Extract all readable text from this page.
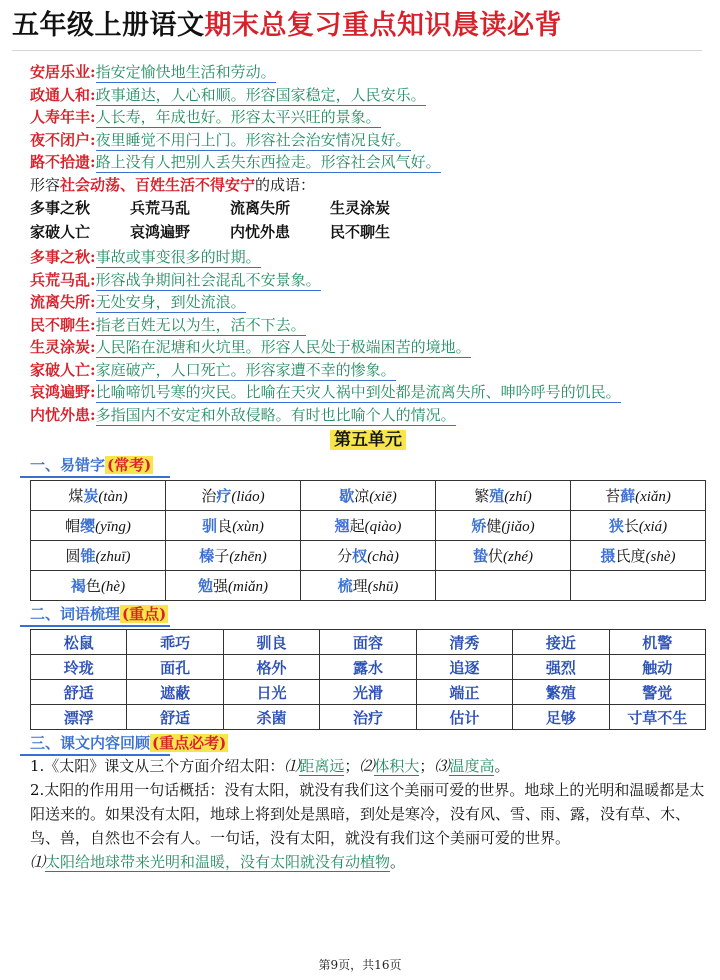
五年级上册语文期末总复习重点知识晨读必背
安居乐业 : 指安定愉快地生活和劳动。
政通人和 : 政事通达，人心和顺。形容国家稳定，人民安乐。
人寿年丰 : 人长寿，年成也好。形容太平兴旺的景象。
夜不闭户 : 夜里睡觉不用闩上门。形容社会治安情况良好。
路不拾遗 : 路上没有人把别人丢失东西捡走。形容社会风气好。
形容社会动荡、百姓生活不得安宁的成语：
多事之秋	兵荒马乱	流离失所	生灵涂炭
家破人亡	哀鸿遍野	内忧外患	民不聊生
多事之秋 : 事故或事变很多的时期。
兵荒马乱 : 形容战争期间社会混乱不安景象。
流离失所 : 无处安身，到处流浪。
民不聊生 : 指老百姓无以为生，活不下去。
生灵涂炭 : 人民陷在泥塘和火坑里。形容人民处于极端困苦的境地。
家破人亡 : 家庭破产，人口死亡。形容家遭不幸的惨象。
哀鸿遍野 : 比喻啼饥号寒的灾民。比喻在天灾人祸中到处都是流离失所、呻吟呼号的饥民。
内忧外患 : 多指国内不安定和外敌侵略。有时也比喻个人的情况。
第五单元
一、易错字 (常考)
煤炭(tàn)	治疗(liáo)	歇凉(xiē)	繁殖(zhí)	苔藓(xiǎn)
帽缨(yīng)	驯良(xùn)	翘起(qiào)	矫健(jiǎo)	狭长(xiá)
圆锥(zhuī)	榛子(zhēn)	分杈(chà)	蛰伏(zhé)	摄氏度(shè)
褐色(hè)	勉强(miǎn)	梳理(shū)		
二、词语梳理 (重点)
松鼠	乖巧	驯良	面容	清秀	接近	机警
玲珑	面孔	格外	露水	追逐	强烈	触动
舒适	遮蔽	日光	光滑	端正	繁殖	警觉
漂浮	舒适	杀菌	治疗	估计	足够	寸草不生
三、课文内容回顾 (重点必考)
1.《太阳》课文从三个方面介绍太阳：⑴距离远；⑵体积大；⑶温度高。
2.太阳的作用用一句话概括：没有太阳，就没有我们这个美丽可爱的世界。地球上的光明和温暖都是太阳送来的。如果没有太阳，地球上将到处是黑暗，到处是寒冷，没有风、雪、雨、露，没有草、木、鸟、兽，自然也不会有人。一句话，没有太阳，就没有我们这个美丽可爱的世界。
⑴太阳给地球带来光明和温暖，没有太阳就没有动植物。
第9页，共16页
